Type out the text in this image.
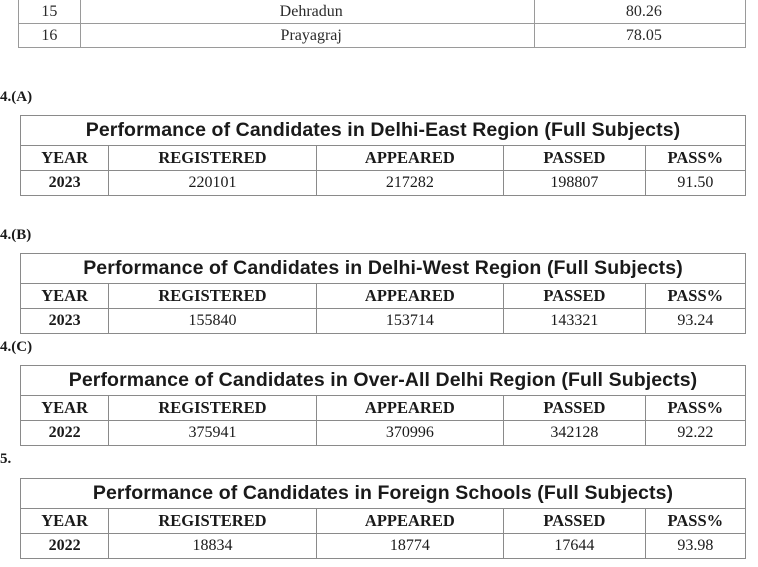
15		Dehradun		80.26
16		Prayagraj		78.05
4.(A)
Performance of Candidates in Delhi-East Region (Full Subjects)				
YEAR	REGISTERED	APPEARED	PASSED	PASS%
2023	220101	217282	198807	91.50
4.(B)
Performance of Candidates in Delhi-West Region (Full Subjects)				
YEAR	REGISTERED	APPEARED	PASSED	PASS%
2023	155840	153714	143321	93.24
4.(C)
Performance of Candidates in Over-All Delhi Region (Full Subjects)				
YEAR	REGISTERED	APPEARED	PASSED	PASS%
2022	375941	370996	342128	92.22
5.
Performance of Candidates in Foreign Schools (Full Subjects)				
YEAR	REGISTERED	APPEARED	PASSED	PASS%
2022	18834	18774	17644	93.98
